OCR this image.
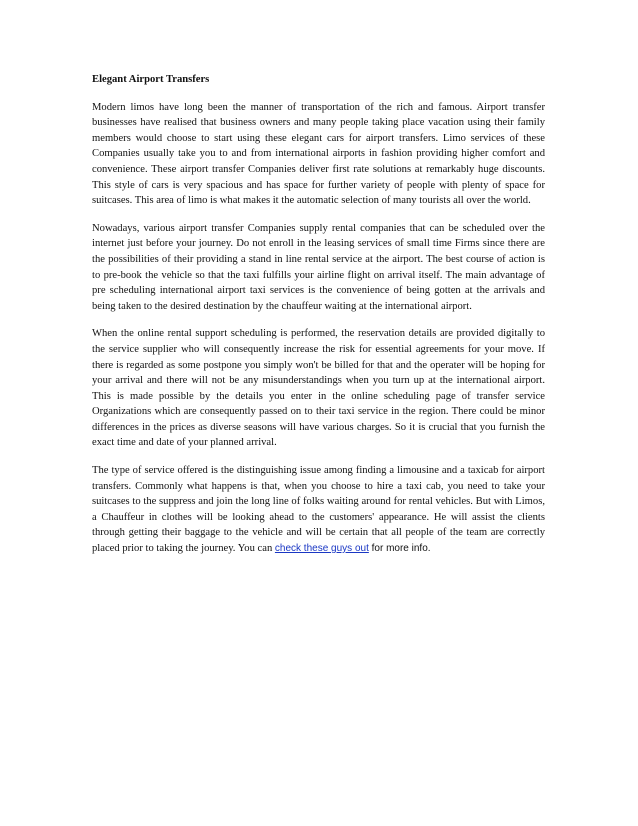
Elegant Airport Transfers

Modern limos have long been the manner of transportation of the rich and famous. Airport transfer businesses have realised that business owners and many people taking place vacation using their family members would choose to start using these elegant cars for airport transfers. Limo services of these Companies usually take you to and from international airports in fashion providing higher comfort and convenience. These airport transfer Companies deliver first rate solutions at remarkably huge discounts. This style of cars is very spacious and has space for further variety of people with plenty of space for suitcases. This area of limo is what makes it the automatic selection of many tourists all over the world.

Nowadays, various airport transfer Companies supply rental companies that can be scheduled over the internet just before your journey. Do not enroll in the leasing services of small time Firms since there are the possibilities of their providing a stand in line rental service at the airport. The best course of action is to pre-book the vehicle so that the taxi fulfills your airline flight on arrival itself. The main advantage of pre scheduling international airport taxi services is the convenience of being gotten at the arrivals and being taken to the desired destination by the chauffeur waiting at the international airport.

When the online rental support scheduling is performed, the reservation details are provided digitally to the service supplier who will consequently increase the risk for essential agreements for your move. If there is regarded as some postpone you simply won't be billed for that and the operater will be hoping for your arrival and there will not be any misunderstandings when you turn up at the international airport. This is made possible by the details you enter in the online scheduling page of transfer service Organizations which are consequently passed on to their taxi service in the region. There could be minor differences in the prices as diverse seasons will have various charges. So it is crucial that you furnish the exact time and date of your planned arrival.

The type of service offered is the distinguishing issue among finding a limousine and a taxicab for airport transfers. Commonly what happens is that, when you choose to hire a taxi cab, you need to take your suitcases to the suppress and join the long line of folks waiting around for rental vehicles. But with Limos, a Chauffeur in clothes will be looking ahead to the customers' appearance. He will assist the clients through getting their baggage to the vehicle and will be certain that all people of the team are correctly placed prior to taking the journey. You can check these guys out for more info.
